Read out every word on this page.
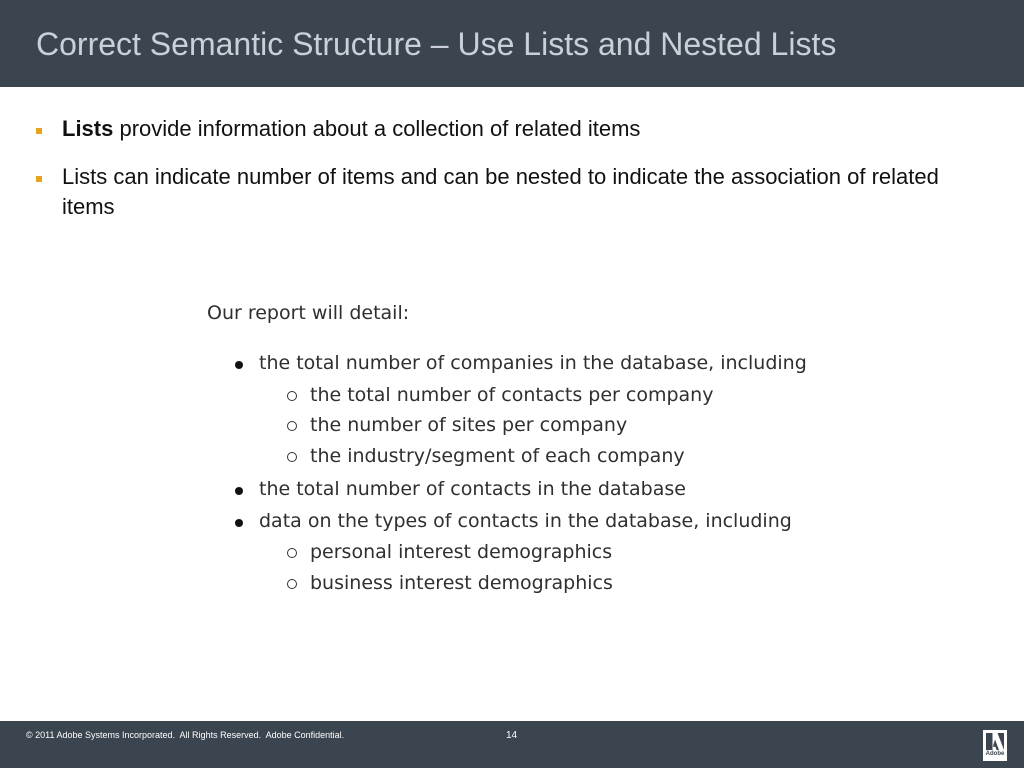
Correct Semantic Structure – Use Lists and Nested Lists
Lists provide information about a collection of related items
Lists can indicate number of items and can be nested to indicate the association of related items
Our report will detail:
the total number of companies in the database, including
the total number of contacts per company
the number of sites per company
the industry/segment of each company
the total number of contacts in the database
data on the types of contacts in the database, including
personal interest demographics
business interest demographics
© 2011 Adobe Systems Incorporated.  All Rights Reserved.  Adobe Confidential.	14
Adobe
